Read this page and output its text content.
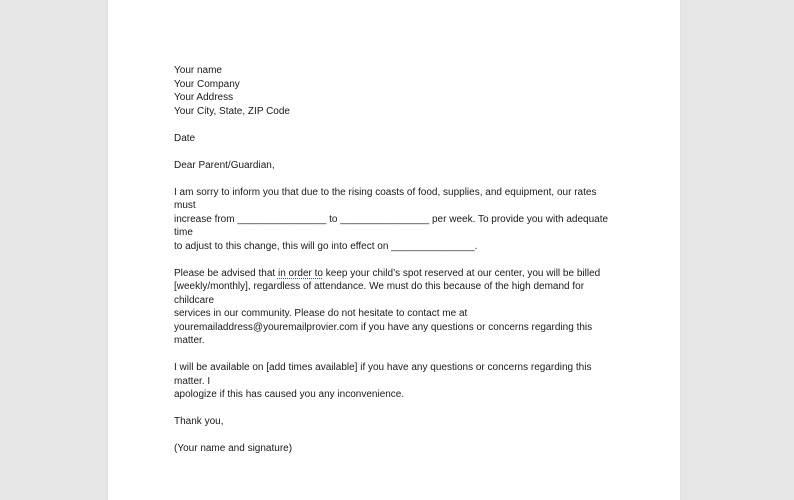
Your name

Your Company

Your Address

Your City, State, ZIP Code

Date

Dear Parent/Guardian,

I am sorry to inform you that due to the rising coasts of food, supplies, and equipment, our rates must

increase from ________________ to ________________ per week. To provide you with adequate time

to adjust to this change, this will go into effect on _______________.

Please be advised that in order to keep your child’s spot reserved at our center, you will be billed

[weekly/monthly], regardless of attendance. We must do this because of the high demand for childcare

services in our community. Please do not hesitate to contact me at

youremailaddress@youremailprovier.com if you have any questions or concerns regarding this matter.

I will be available on [add times available] if you have any questions or concerns regarding this matter. I

apologize if this has caused you any inconvenience.

Thank you,

(Your name and signature)
